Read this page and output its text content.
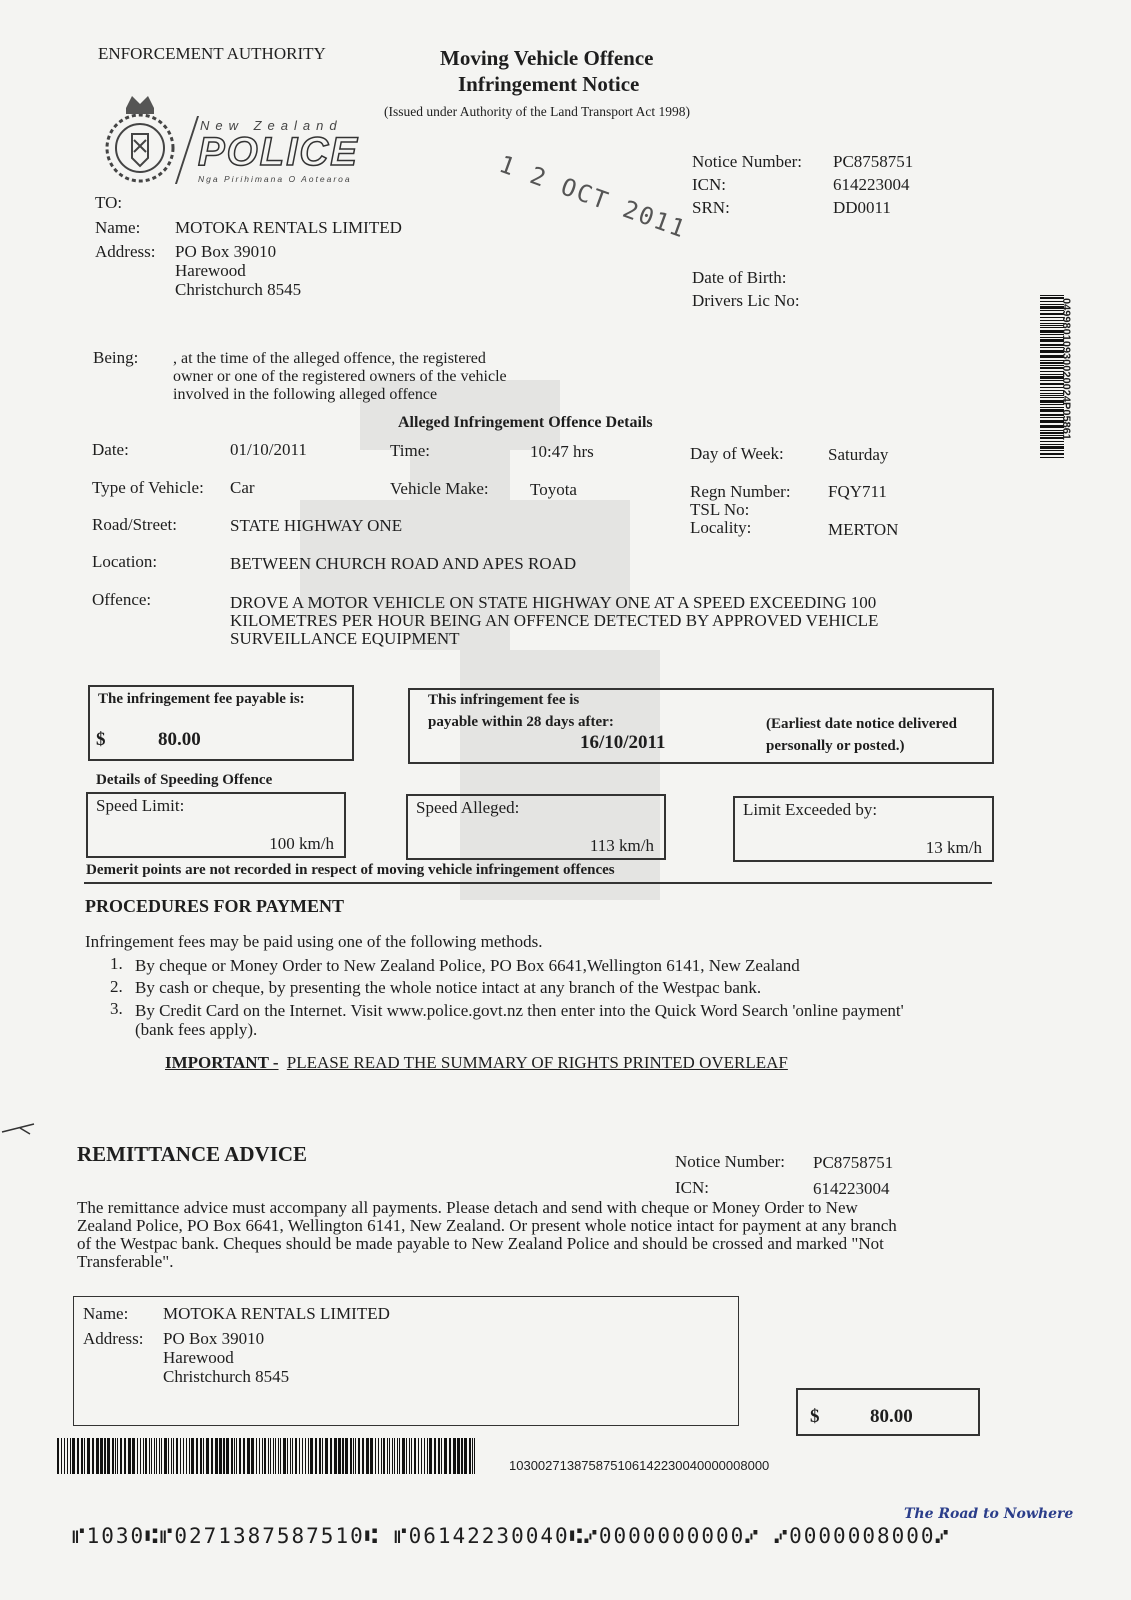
ENFORCEMENT AUTHORITY	Moving Vehicle Offence
Infringement Notice
(Issued under Authority of the Land Transport Act 1998)
New Zealand
POLICE
Nga Pirihimana O Aotearoa	1 2 OCT 2011 Notice Number: PC8758751
ICN:	614223004
SRN:	DD0011
Date of Birth:
Drivers Lic No:
TO:
Name: MOTOKA RENTALS LIMITED
Address: PO Box 39010
Harewood
Christchurch 8545
04998010930020024P05861
Being: , at the time of the alleged offence, the registered
owner or one of the registered owners of the vehicle
involved in the following alleged offence
Alleged Infringement Offence Details
Date:	01/10/2011	Time:	10:47 hrs	Day of Week:	Saturday
Type of Vehicle: Car	Vehicle Make: Toyota	Regn Number: FQY711
TSL No:
Road/Street:	STATE HIGHWAY ONE	Locality:	MERTON
Location:	BETWEEN CHURCH ROAD AND APES ROAD
Offence:	DROVE A MOTOR VEHICLE ON STATE HIGHWAY ONE AT A SPEED EXCEEDING 100
KILOMETRES PER HOUR BEING AN OFFENCE DETECTED BY APPROVED VEHICLE
SURVEILLANCE EQUIPMENT
The infringement fee payable is:
$	80.00
This infringement fee is
payable within 28 days after:
16/10/2011
(Earliest date notice delivered
personally or posted.)
Details of Speeding Offence
Speed Limit:
100 km/h
Speed Alleged:
113 km/h
Limit Exceeded by:
13 km/h
Demerit points are not recorded in respect of moving vehicle infringement offences
PROCEDURES FOR PAYMENT
Infringement fees may be paid using one of the following methods.
1. By cheque or Money Order to New Zealand Police, PO Box 6641,Wellington 6141, New Zealand
2. By cash or cheque, by presenting the whole notice intact at any branch of the Westpac bank.
3. By Credit Card on the Internet. Visit www.police.govt.nz then enter into the Quick Word Search 'online payment'
(bank fees apply).
IMPORTANT - PLEASE READ THE SUMMARY OF RIGHTS PRINTED OVERLEAF
REMITTANCE ADVICE	Notice Number: PC8758751
ICN:	614223004
The remittance advice must accompany all payments. Please detach and send with cheque or Money Order to New
Zealand Police, PO Box 6641, Wellington 6141, New Zealand. Or present whole notice intact for payment at any branch
of the Westpac bank. Cheques should be made payable to New Zealand Police and should be crossed and marked "Not
Transferable".
Name: MOTOKA RENTALS LIMITED
Address: PO Box 39010
Harewood
Christchurch 8545
$	80.00
103002713875875106142230040000008000
The Road to Nowhere
⑈1030⑆⑈0271387587510⑆ ⑈06142230040⑆⑇0000000000⑇ ⑇0000008000⑇
